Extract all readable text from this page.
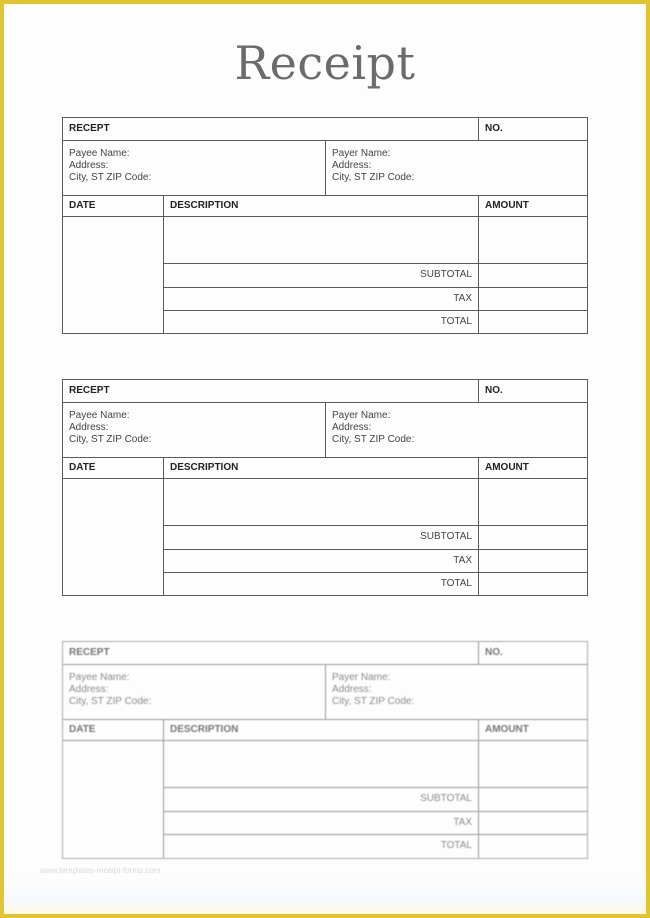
Receipt
RECEPT	NO.
Payee Name:
Address:
City, ST ZIP Code:
Payer Name:
Address:
City, ST ZIP Code:
DATE	DESCRIPTION	AMOUNT
SUBTOTAL
TAX
TOTAL
RECEPT	NO.
Payee Name:
Address:
City, ST ZIP Code:
Payer Name:
Address:
City, ST ZIP Code:
DATE	DESCRIPTION	AMOUNT
SUBTOTAL
TAX
TOTAL
RECEPT	NO.
Payee Name:
Address:
City, ST ZIP Code:
Payer Name:
Address:
City, ST ZIP Code:
DATE	DESCRIPTION	AMOUNT
SUBTOTAL
TAX
TOTAL
www.templates-receipt-forms.com
